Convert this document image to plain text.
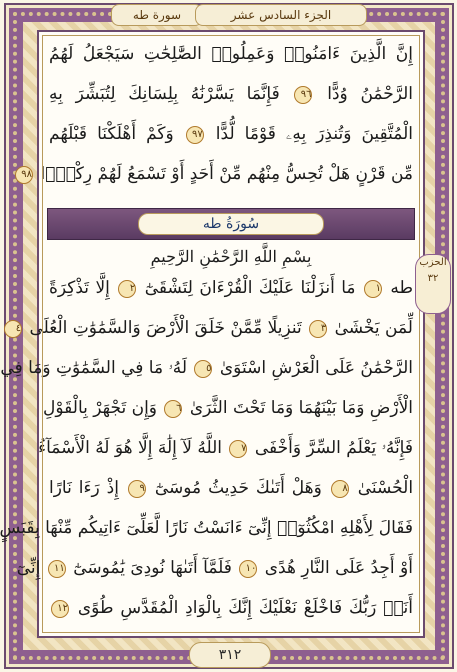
سورة طه	الجزء السادس عشر
الحزب
٣٢
إِنَّ الَّذِينَ ءَامَنُوا۟ وَعَمِلُوا۟ الصَّٰلِحَٰتِ سَيَجْعَلُ لَهُمُ
الرَّحْمَٰنُ وُدًّا ٩٦ فَإِنَّمَا يَسَّرْنَٰهُ بِلِسَانِكَ لِتُبَشِّرَ بِهِ
الْمُتَّقِينَ وَتُنذِرَ بِهِۦ قَوْمًا لُّدًّا ٩٧ وَكَمْ أَهْلَكْنَا قَبْلَهُم
مِّن قَرْنٍ هَلْ تُحِسُّ مِنْهُم مِّنْ أَحَدٍ أَوْ تَسْمَعُ لَهُمْ رِكْزًۢا ٩٨
سُورَةُ طه
بِسْمِ اللَّهِ الرَّحْمَٰنِ الرَّحِيمِ
طه ١ مَا أَنزَلْنَا عَلَيْكَ الْقُرْءَانَ لِتَشْقَىٰٓ ٢ إِلَّا تَذْكِرَةً
لِّمَن يَخْشَىٰ ٣ تَنزِيلًا مِّمَّنْ خَلَقَ الْأَرْضَ وَالسَّمَٰوَٰتِ الْعُلَى ٤
الرَّحْمَٰنُ عَلَى الْعَرْشِ اسْتَوَىٰ ٥ لَهُۥ مَا فِي السَّمَٰوَٰتِ وَمَا فِي
الْأَرْضِ وَمَا بَيْنَهُمَا وَمَا تَحْتَ الثَّرَىٰ ٦ وَإِن تَجْهَرْ بِالْقَوْلِ
فَإِنَّهُۥ يَعْلَمُ السِّرَّ وَأَخْفَى ٧ اللَّهُ لَآ إِلَٰهَ إِلَّا هُوَ لَهُ الْأَسْمَآءُ
الْحُسْنَىٰ ٨ وَهَلْ أَتَىٰكَ حَدِيثُ مُوسَىٰٓ ٩ إِذْ رَءَا نَارًا
فَقَالَ لِأَهْلِهِ امْكُثُوٓا۟ إِنِّىٓ ءَانَسْتُ نَارًا لَّعَلِّىٓ ءَاتِيكُم مِّنْهَا بِقَبَسٍ
أَوْ أَجِدُ عَلَى النَّارِ هُدًى ١٠ فَلَمَّآ أَتَىٰهَا نُودِىَ يَٰمُوسَىٰٓ ١١ إِنِّىٓ
أَنَا۠ رَبُّكَ فَاخْلَعْ نَعْلَيْكَ إِنَّكَ بِالْوَادِ الْمُقَدَّسِ طُوًى ١٢
٣١٢
